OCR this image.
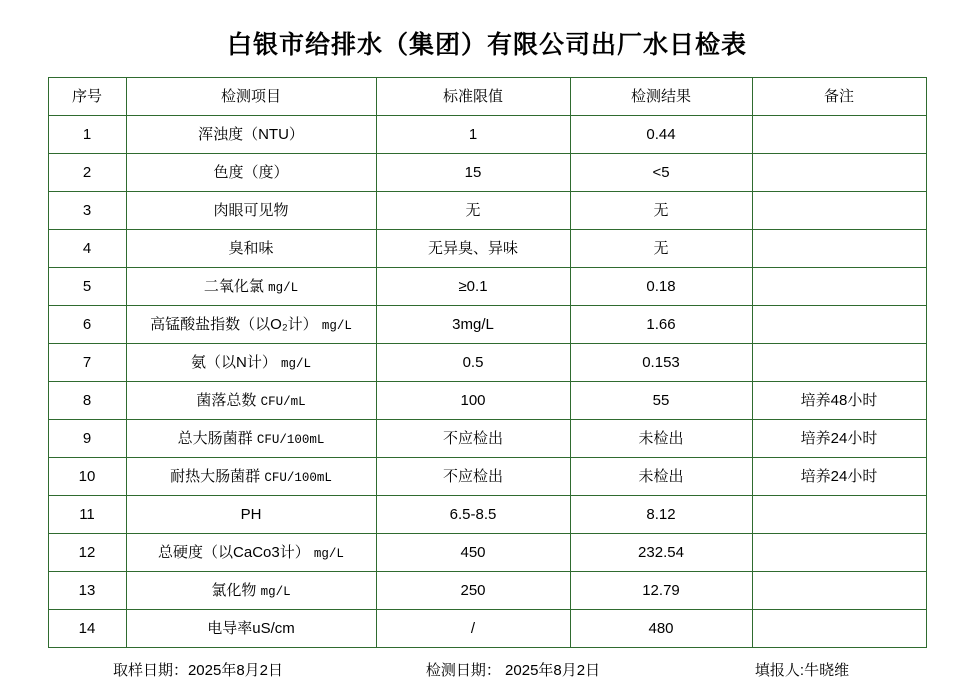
白银市给排水（集团）有限公司出厂水日检表
序号	检测项目	标准限值	检测结果	备注
1	浑浊度（NTU）	1	0.44	
2	色度（度）	15	<5	
3	肉眼可见物	无	无	
4	臭和味	无异臭、异味	无	
5	二氧化氯 mg/L	≥0.1	0.18	
6	高锰酸盐指数（以O₂计） mg/L	3mg/L	1.66	
7	氨（以N计） mg/L	0.5	0.153	
8	菌落总数 CFU/mL	100	55	培养48小时
9	总大肠菌群 CFU/100mL	不应检出	未检出	培养24小时
10	耐热大肠菌群 CFU/100mL	不应检出	未检出	培养24小时
11	PH	6.5-8.5	8.12	
12	总硬度（以CaCo3计） mg/L	450	232.54	
13	氯化物 mg/L	250	12.79	
14	电导率uS/cm	/	480	
取样日期：2025年8月2日	检测日期： 2025年8月2日	填报人:牛晓维
